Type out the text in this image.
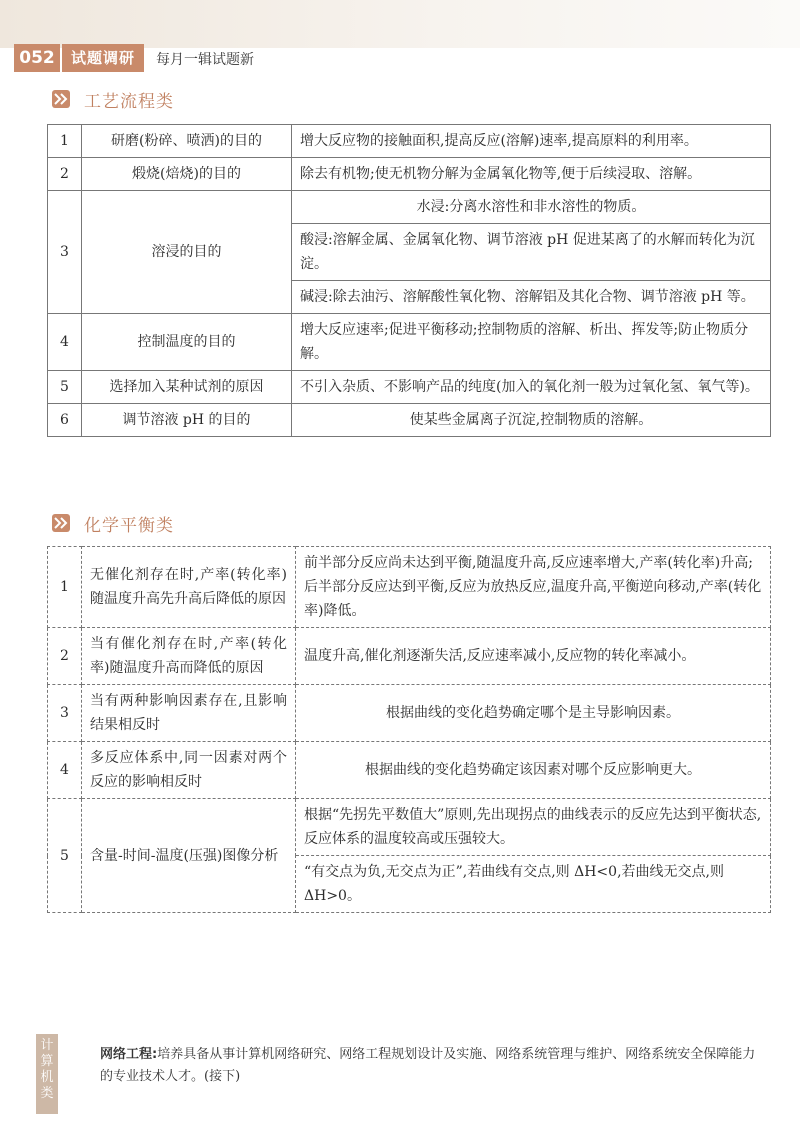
052	试题调研	每月一辑试题新
工艺流程类
1	研磨(粉碎、喷洒)的目的	增大反应物的接触面积,提高反应(溶解)速率,提高原料的利用率。
2	煅烧(焙烧)的目的	除去有机物;使无机物分解为金属氧化物等,便于后续浸取、溶解。
3	溶浸的目的	水浸:分离水溶性和非水溶性的物质。
		酸浸:溶解金属、金属氧化物、调节溶液 pH 促进某离了的水解而转化为沉淀。
		碱浸:除去油污、溶解酸性氧化物、溶解铝及其化合物、调节溶液 pH 等。
4	控制温度的目的	增大反应速率;促进平衡移动;控制物质的溶解、析出、挥发等;防止物质分解。
5	选择加入某种试剂的原因	不引入杂质、不影响产品的纯度(加入的氧化剂一般为过氧化氢、氧气等)。
6	调节溶液 pH 的目的	使某些金属离子沉淀,控制物质的溶解。
化学平衡类
1	无催化剂存在时,产率(转化率)随温度升高先升高后降低的原因	前半部分反应尚未达到平衡,随温度升高,反应速率增大,产率(转化率)升高;后半部分反应达到平衡,反应为放热反应,温度升高,平衡逆向移动,产率(转化率)降低。
2	当有催化剂存在时,产率(转化率)随温度升高而降低的原因	温度升高,催化剂逐渐失活,反应速率减小,反应物的转化率减小。
3	当有两种影响因素存在,且影响结果相反时	根据曲线的变化趋势确定哪个是主导影响因素。
4	多反应体系中,同一因素对两个反应的影响相反时	根据曲线的变化趋势确定该因素对哪个反应影响更大。
5	含量-时间-温度(压强)图像分析	根据“先拐先平数值大”原则,先出现拐点的曲线表示的反应先达到平衡状态,反应体系的温度较高或压强较大。
		“有交点为负,无交点为正”,若曲线有交点,则 ΔH<0,若曲线无交点,则 ΔH>0。
计算机类
网络工程:培养具备从事计算机网络研究、网络工程规划设计及实施、网络系统管理与维护、网络系统安全保障能力的专业技术人才。(接下)
